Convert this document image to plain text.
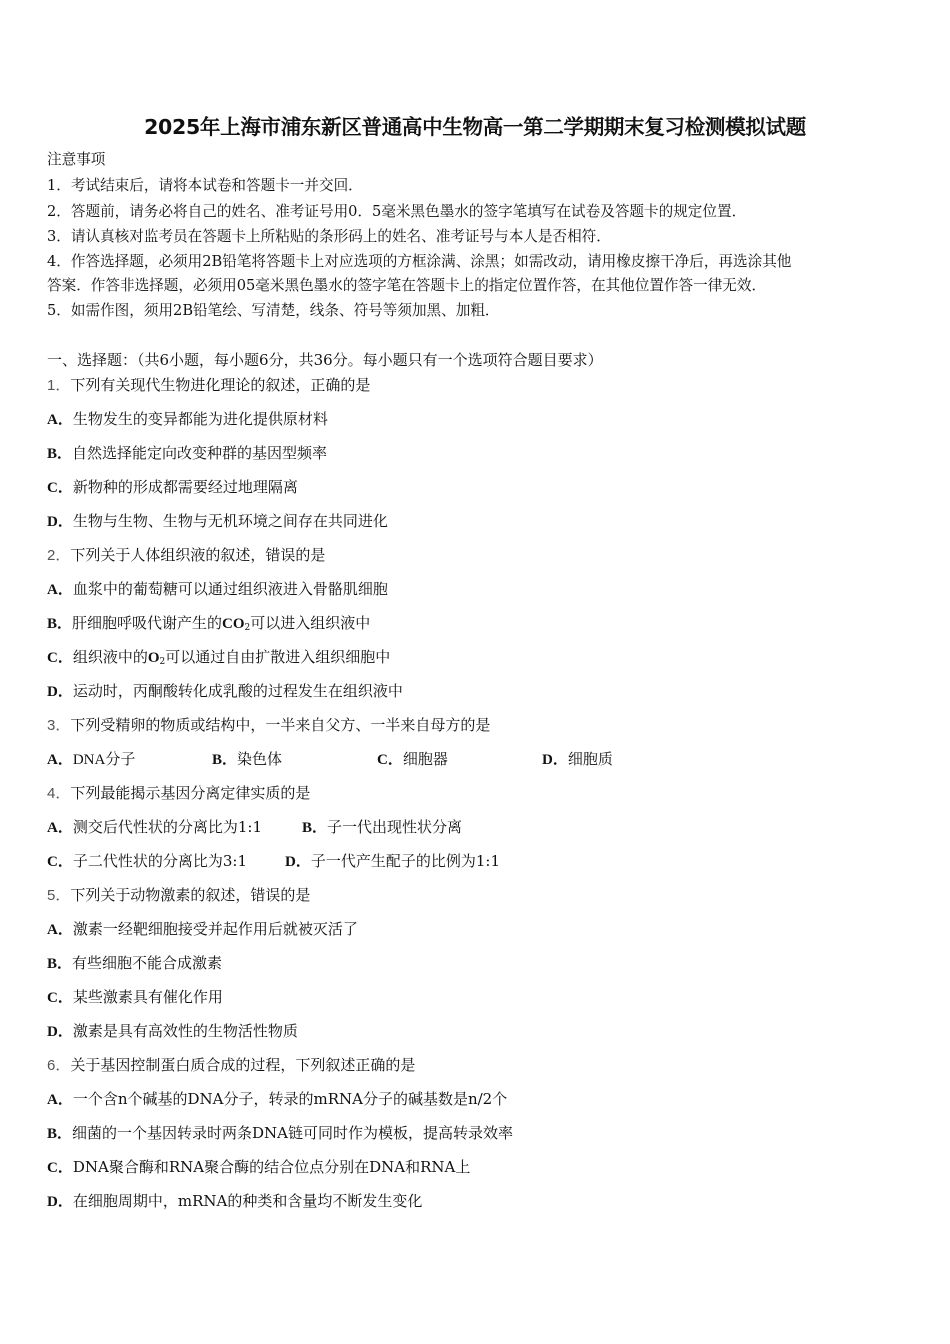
2025年上海市浦东新区普通高中生物高一第二学期期末复习检测模拟试题
注意事项
1．考试结束后，请将本试卷和答题卡一并交回．
2．答题前，请务必将自己的姓名、准考证号用0．5毫米黑色墨水的签字笔填写在试卷及答题卡的规定位置．
3．请认真核对监考员在答题卡上所粘贴的条形码上的姓名、准考证号与本人是否相符．
4．作答选择题，必须用2B铅笔将答题卡上对应选项的方框涂满、涂黑；如需改动，请用橡皮擦干净后，再选涂其他
答案．作答非选择题，必须用05毫米黑色墨水的签字笔在答题卡上的指定位置作答，在其他位置作答一律无效．
5．如需作图，须用2B铅笔绘、写清楚，线条、符号等须加黑、加粗．
一、选择题：（共6小题，每小题6分，共36分。每小题只有一个选项符合题目要求）
1．下列有关现代生物进化理论的叙述，正确的是
A．生物发生的变异都能为进化提供原材料
B．自然选择能定向改变种群的基因型频率
C．新物种的形成都需要经过地理隔离
D．生物与生物、生物与无机环境之间存在共同进化
2．下列关于人体组织液的叙述，错误的是
A．血浆中的葡萄糖可以通过组织液进入骨骼肌细胞
B．肝细胞呼吸代谢产生的$CO_2$可以进入组织液中
C．组织液中的$O_2$可以通过自由扩散进入组织细胞中
D．运动时，丙酮酸转化成乳酸的过程发生在组织液中
3．下列受精卵的物质或结构中，一半来自父方、一半来自母方的是
A．DNA分子	B．染色体	C．细胞器	D．细胞质
4．下列最能揭示基因分离定律实质的是
A．测交后代性状的分离比为1:1	B．子一代出现性状分离
C．子二代性状的分离比为3:1	D．子一代产生配子的比例为1:1
5．下列关于动物激素的叙述，错误的是
A．激素一经靶细胞接受并起作用后就被灭活了
B．有些细胞不能合成激素
C．某些激素具有催化作用
D．激素是具有高效性的生物活性物质
6．关于基因控制蛋白质合成的过程，下列叙述正确的是
A．一个含n个碱基的DNA分子，转录的mRNA分子的碱基数是n/2个
B．细菌的一个基因转录时两条DNA链可同时作为模板，提高转录效率
C．DNA聚合酶和RNA聚合酶的结合位点分别在DNA和RNA上
D．在细胞周期中，mRNA的种类和含量均不断发生变化
